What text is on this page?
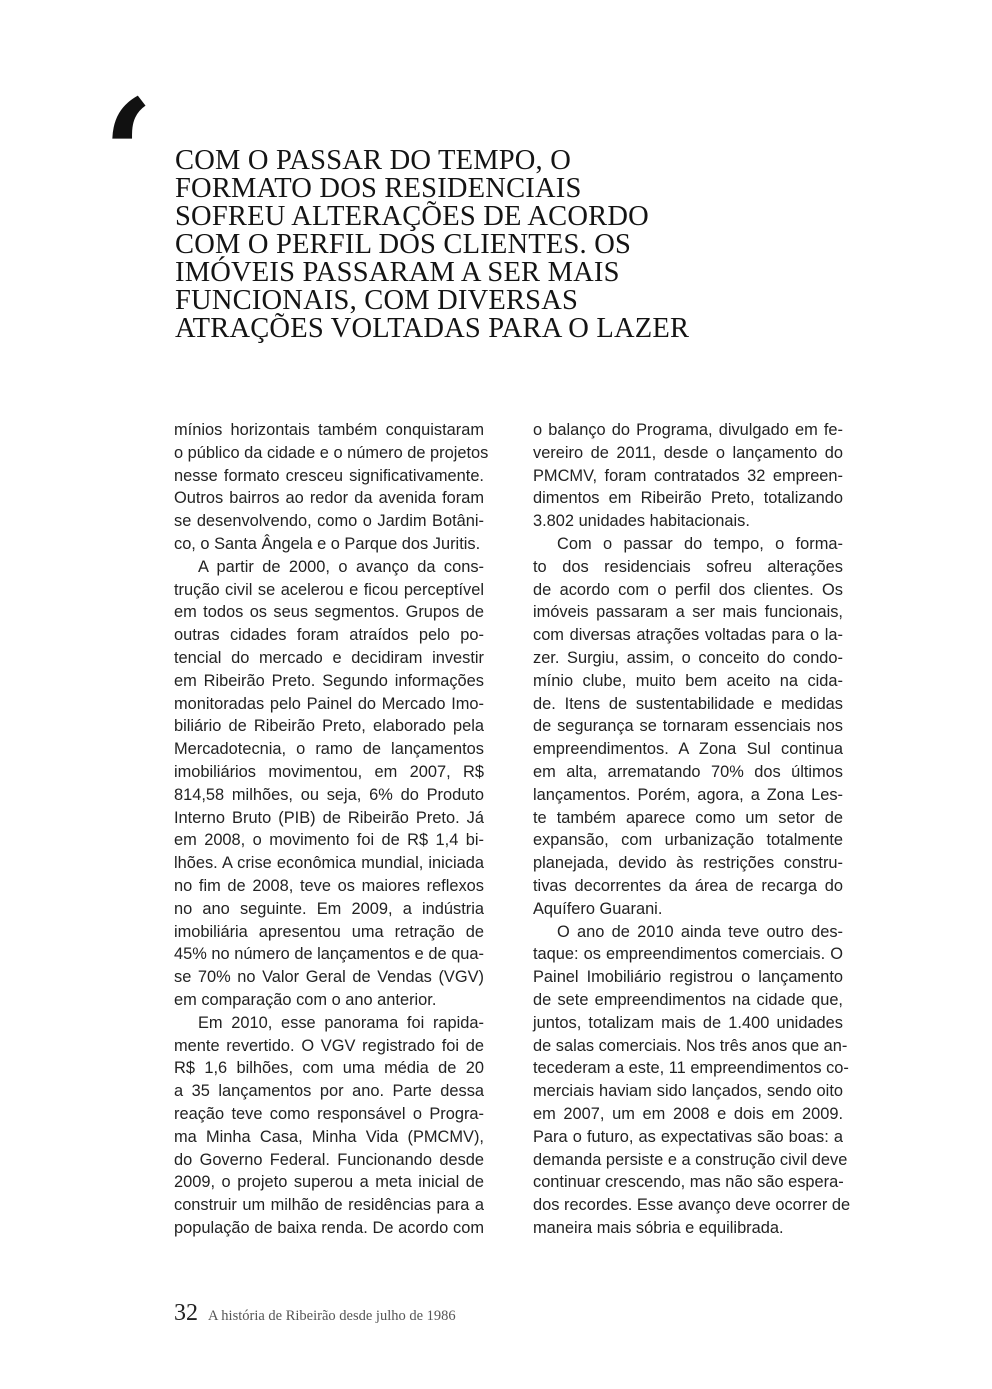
‘ COM O PASSAR DO TEMPO, O
FORMATO DOS RESIDENCIAIS
SOFREU ALTERAÇÕES DE ACORDO
COM O PERFIL DOS CLIENTES. OS
IMÓVEIS PASSARAM A SER MAIS
FUNCIONAIS, COM DIVERSAS
ATRAÇÕES VOLTADAS PARA O LAZER
mínios horizontais também conquistaram
o público da cidade e o número de projetos
nesse formato cresceu significativamente.
Outros bairros ao redor da avenida foram
se desenvolvendo, como o Jardim Botâni-
co, o Santa Ângela e o Parque dos Juritis.
A partir de 2000, o avanço da cons-
trução civil se acelerou e ficou perceptível
em todos os seus segmentos. Grupos de
outras cidades foram atraídos pelo po-
tencial do mercado e decidiram investir
em Ribeirão Preto. Segundo informações
monitoradas pelo Painel do Mercado Imo-
biliário de Ribeirão Preto, elaborado pela
Mercadotecnia, o ramo de lançamentos
imobiliários movimentou, em 2007, R$
814,58 milhões, ou seja, 6% do Produto
Interno Bruto (PIB) de Ribeirão Preto. Já
em 2008, o movimento foi de R$ 1,4 bi-
lhões. A crise econômica mundial, iniciada
no fim de 2008, teve os maiores reflexos
no ano seguinte. Em 2009, a indústria
imobiliária apresentou uma retração de
45% no número de lançamentos e de qua-
se 70% no Valor Geral de Vendas (VGV)
em comparação com o ano anterior.
Em 2010, esse panorama foi rapida-
mente revertido. O VGV registrado foi de
R$ 1,6 bilhões, com uma média de 20
a 35 lançamentos por ano. Parte dessa
reação teve como responsável o Progra-
ma Minha Casa, Minha Vida (PMCMV),
do Governo Federal. Funcionando desde
2009, o projeto superou a meta inicial de
construir um milhão de residências para a
população de baixa renda. De acordo com
o balanço do Programa, divulgado em fe-
vereiro de 2011, desde o lançamento do
PMCMV, foram contratados 32 empreen-
dimentos em Ribeirão Preto, totalizando
3.802 unidades habitacionais.
Com o passar do tempo, o forma-
to dos residenciais sofreu alterações
de acordo com o perfil dos clientes. Os
imóveis passaram a ser mais funcionais,
com diversas atrações voltadas para o la-
zer. Surgiu, assim, o conceito do condo-
mínio clube, muito bem aceito na cida-
de. Itens de sustentabilidade e medidas
de segurança se tornaram essenciais nos
empreendimentos. A Zona Sul continua
em alta, arrematando 70% dos últimos
lançamentos. Porém, agora, a Zona Les-
te também aparece como um setor de
expansão, com urbanização totalmente
planejada, devido às restrições constru-
tivas decorrentes da área de recarga do
Aquífero Guarani.
O ano de 2010 ainda teve outro des-
taque: os empreendimentos comerciais. O
Painel Imobiliário registrou o lançamento
de sete empreendimentos na cidade que,
juntos, totalizam mais de 1.400 unidades
de salas comerciais. Nos três anos que an-
tecederam a este, 11 empreendimentos co-
merciais haviam sido lançados, sendo oito
em 2007, um em 2008 e dois em 2009.
Para o futuro, as expectativas são boas: a
demanda persiste e a construção civil deve
continuar crescendo, mas não são espera-
dos recordes. Esse avanço deve ocorrer de
maneira mais sóbria e equilibrada.
32 A história de Ribeirão desde julho de 1986
